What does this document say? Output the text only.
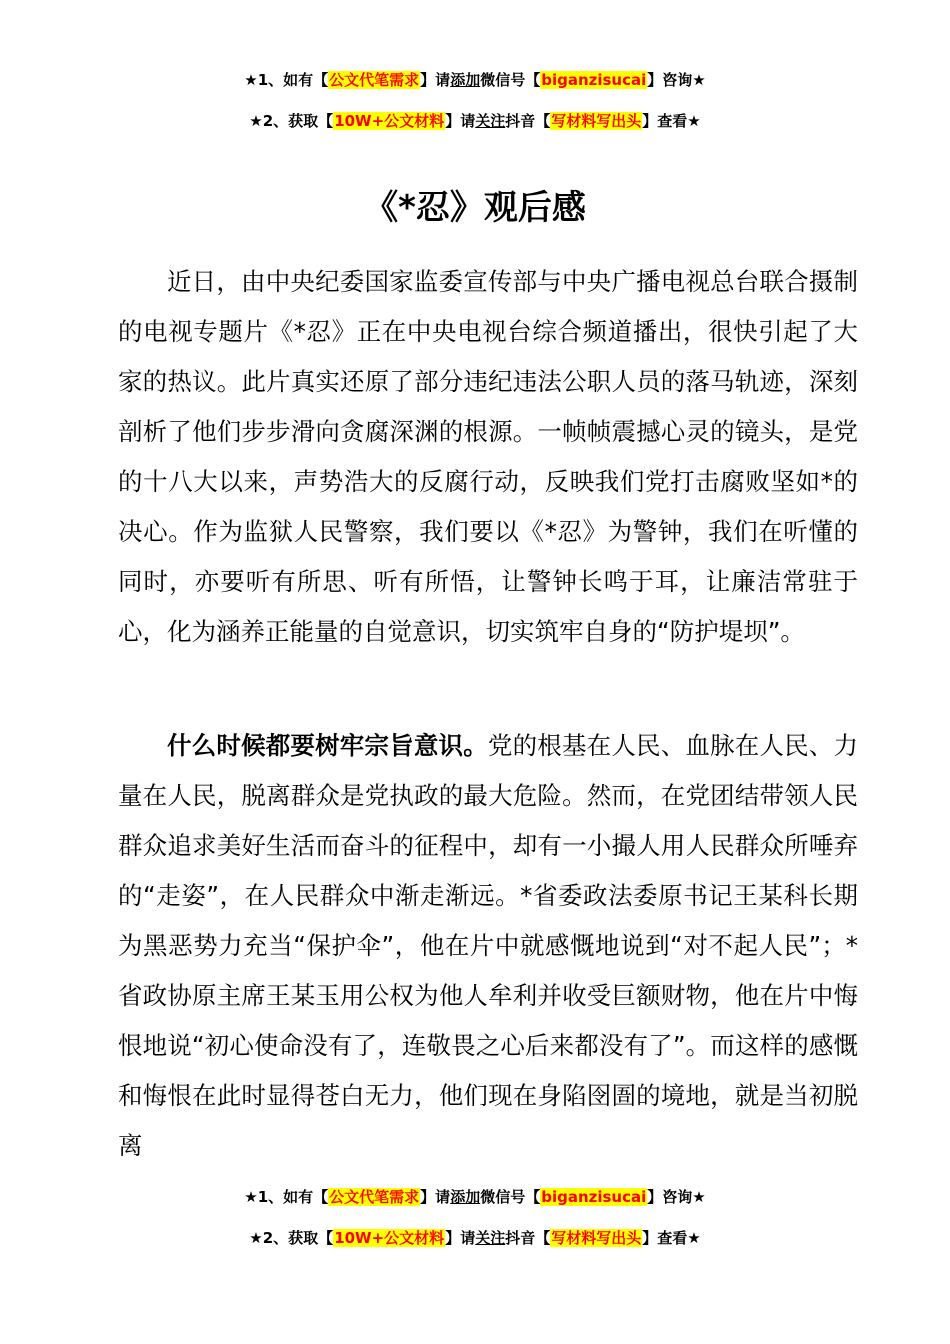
★1、如有【公文代笔需求】请添加微信号【biganzisucai】咨询★
★2、获取【10W+公文材料】请关注抖音【写材料写出头】查看★
《*忍》观后感

近日，由中央纪委国家监委宣传部与中央广播电视总台联合摄制的电视专题片《*忍》正在中央电视台综合频道播出，很快引起了大家的热议。此片真实还原了部分违纪违法公职人员的落马轨迹，深刻剖析了他们步步滑向贪腐深渊的根源。一帧帧震撼心灵的镜头，是党的十八大以来，声势浩大的反腐行动，反映我们党打击腐败坚如*的决心。作为监狱人民警察，我们要以《*忍》为警钟，我们在听懂的同时，亦要听有所思、听有所悟，让警钟长鸣于耳，让廉洁常驻于心，化为涵养正能量的自觉意识，切实筑牢自身的“防护堤坝”。

什么时候都要树牢宗旨意识。党的根基在人民、血脉在人民、力量在人民，脱离群众是党执政的最大危险。然而，在党团结带领人民群众追求美好生活而奋斗的征程中，却有一小撮人用人民群众所唾弃的“走姿”，在人民群众中渐走渐远。*省委政法委原书记王某科长期为黑恶势力充当“保护伞”，他在片中就感慨地说到“对不起人民”；*省政协原主席王某玉用公权为他人牟利并收受巨额财物，他在片中悔恨地说“初心使命没有了，连敬畏之心后来都没有了”。而这样的感慨和悔恨在此时显得苍白无力，他们现在身陷囹圄的境地，就是当初脱离

★1、如有【公文代笔需求】请添加微信号【biganzisucai】咨询★
★2、获取【10W+公文材料】请关注抖音【写材料写出头】查看★
